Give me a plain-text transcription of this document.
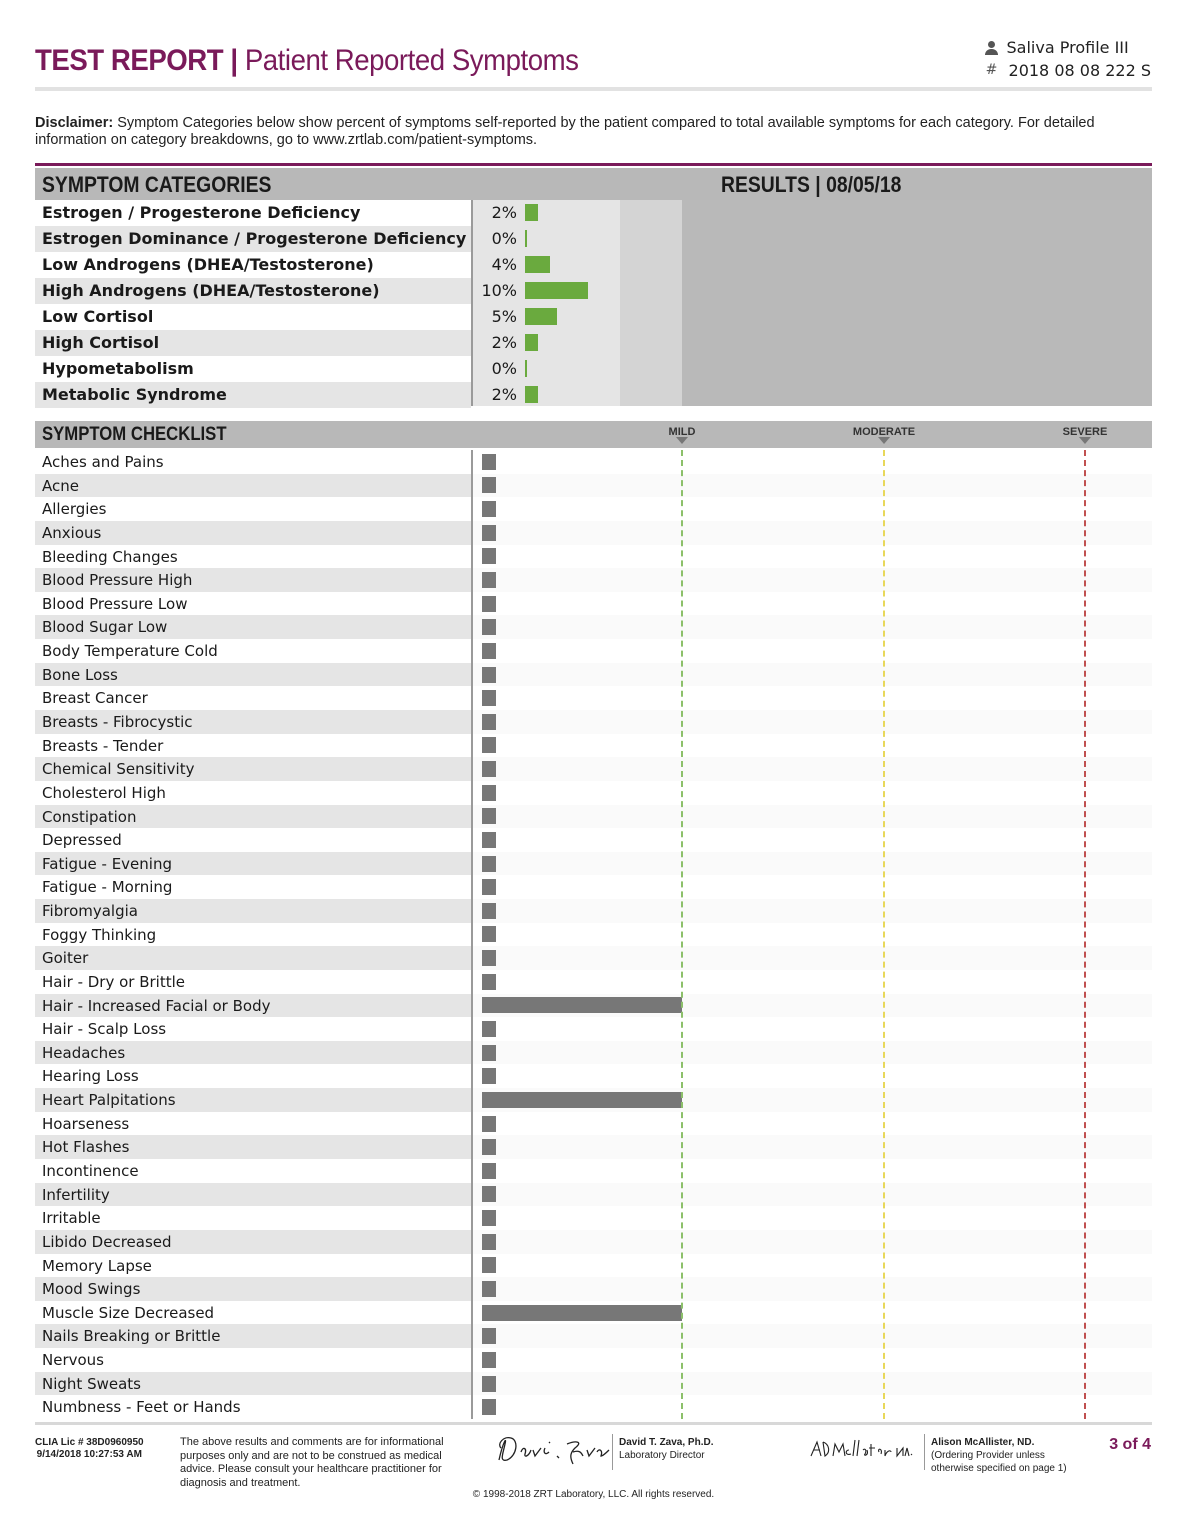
TEST REPORT | Patient Reported Symptoms	Saliva Profile III
# 2018 08 08 222 S
Disclaimer: Symptom Categories below show percent of symptoms self-reported by the patient compared to total available symptoms for each category. For detailed information on category breakdowns, go to www.zrtlab.com/patient-symptoms.
SYMPTOM CATEGORIES	RESULTS | 08/05/18
Estrogen / Progesterone Deficiency	2%
Estrogen Dominance / Progesterone Deficiency	0%
Low Androgens (DHEA/Testosterone)	4%
High Androgens (DHEA/Testosterone)	10%
Low Cortisol	5%
High Cortisol	2%
Hypometabolism	0%
Metabolic Syndrome	2%
SYMPTOM CHECKLIST	MILD	MODERATE	SEVERE
Aches and Pains
Acne
Allergies
Anxious
Bleeding Changes
Blood Pressure High
Blood Pressure Low
Blood Sugar Low
Body Temperature Cold
Bone Loss
Breast Cancer
Breasts - Fibrocystic
Breasts - Tender
Chemical Sensitivity
Cholesterol High
Constipation
Depressed
Fatigue - Evening
Fatigue - Morning
Fibromyalgia
Foggy Thinking
Goiter
Hair - Dry or Brittle
Hair - Increased Facial or Body
Hair - Scalp Loss
Headaches
Hearing Loss
Heart Palpitations
Hoarseness
Hot Flashes
Incontinence
Infertility
Irritable
Libido Decreased
Memory Lapse
Mood Swings
Muscle Size Decreased
Nails Breaking or Brittle
Nervous
Night Sweats
Numbness - Feet or Hands
CLIA Lic # 38D0960950
9/14/2018 10:27:53 AM
The above results and comments are for informational purposes only and are not to be construed as medical advice. Please consult your healthcare practitioner for diagnosis and treatment.
David T. Zava, Ph.D.
Laboratory Director
Alison McAllister, ND.
(Ordering Provider unless
otherwise specified on page 1)
3 of 4
© 1998-2018 ZRT Laboratory, LLC. All rights reserved.
